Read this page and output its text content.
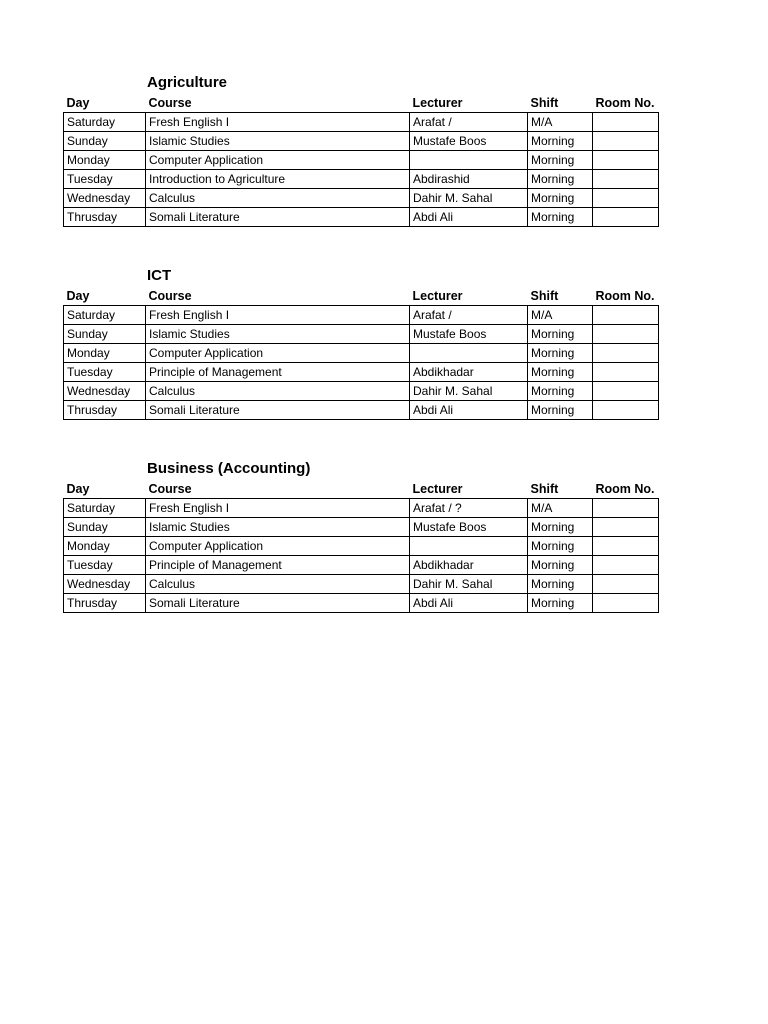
Agriculture
Day	Course	Lecturer	Shift	Room No.
Saturday	Fresh English I	Arafat /	M/A	
Sunday	Islamic Studies	Mustafe Boos	Morning	
Monday	Computer Application		Morning	
Tuesday	Introduction to Agriculture	Abdirashid	Morning	
Wednesday	Calculus	Dahir M. Sahal	Morning	
Thrusday	Somali Literature	Abdi Ali	Morning	
ICT
Day	Course	Lecturer	Shift	Room No.
Saturday	Fresh English I	Arafat /	M/A	
Sunday	Islamic Studies	Mustafe Boos	Morning	
Monday	Computer Application		Morning	
Tuesday	Principle of Management	Abdikhadar	Morning	
Wednesday	Calculus	Dahir M. Sahal	Morning	
Thrusday	Somali Literature	Abdi Ali	Morning	
Business (Accounting)
Day	Course	Lecturer	Shift	Room No.
Saturday	Fresh English I	Arafat / ?	M/A	
Sunday	Islamic Studies	Mustafe Boos	Morning	
Monday	Computer Application		Morning	
Tuesday	Principle of Management	Abdikhadar	Morning	
Wednesday	Calculus	Dahir M. Sahal	Morning	
Thrusday	Somali Literature	Abdi Ali	Morning	
